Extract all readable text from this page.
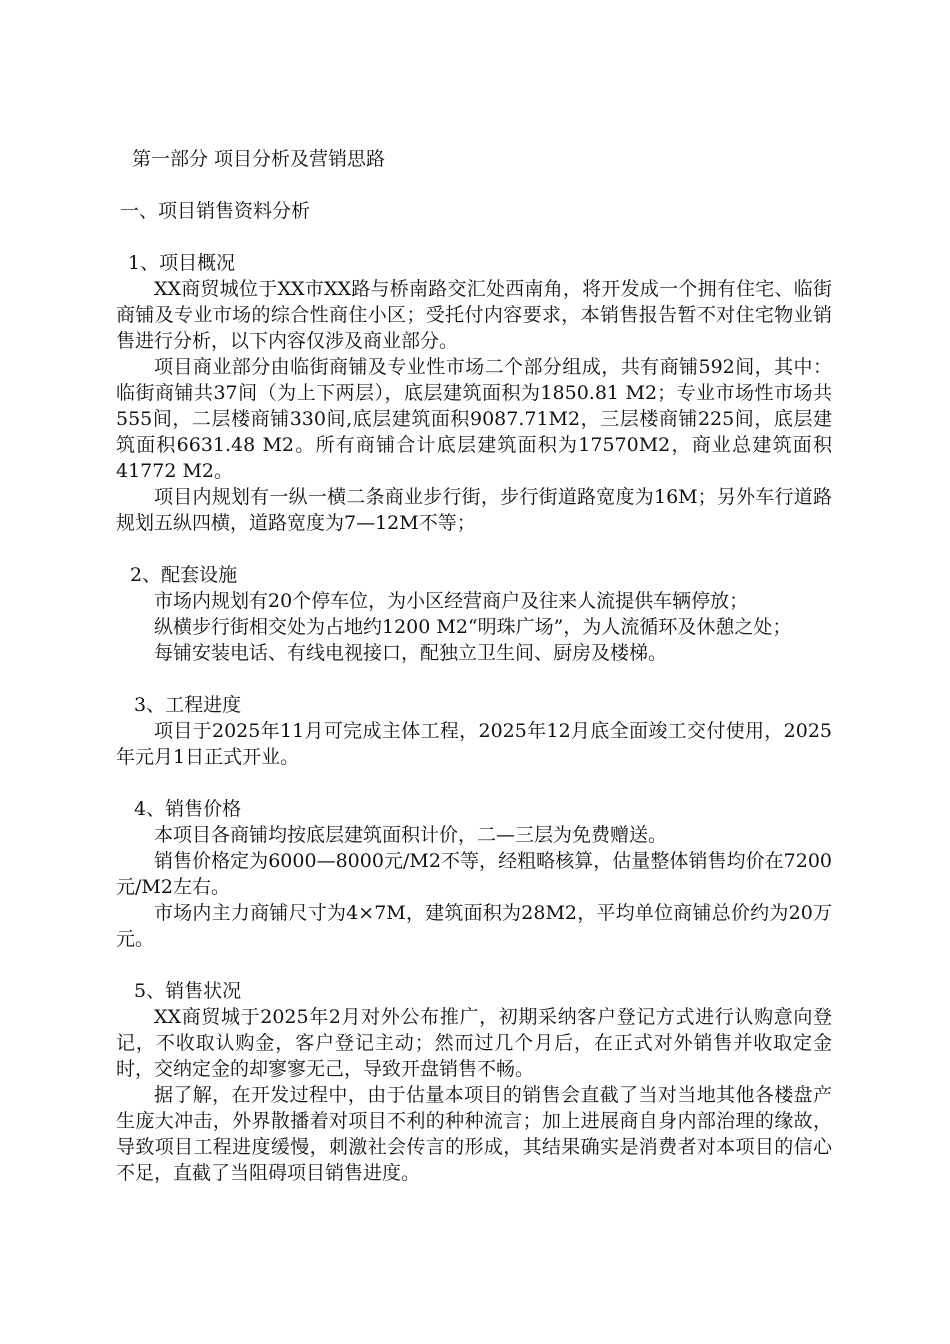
第一部分 项目分析及营销思路
一、项目销售资料分析
1、项目概况

XX商贸城位于XX市XX路与桥南路交汇处西南角，将开发成一个拥有住宅、临街商铺及专业市场的综合性商住小区；受托付内容要求，本销售报告暂不对住宅物业销售进行分析，以下内容仅涉及商业部分。

项目商业部分由临街商铺及专业性市场二个部分组成，共有商铺592间，其中：临街商铺共37间（为上下两层），底层建筑面积为1850.81 M2；专业市场性市场共555间，二层楼商铺330间,底层建筑面积9087.71M2，三层楼商铺225间，底层建筑面积6631.48 M2。所有商铺合计底层建筑面积为17570M2，商业总建筑面积41772 M2。

项目内规划有一纵一横二条商业步行街，步行街道路宽度为16M；另外车行道路规划五纵四横，道路宽度为7—12M不等；

2、配套设施

市场内规划有20个停车位，为小区经营商户及往来人流提供车辆停放；

纵横步行街相交处为占地约1200 M2“明珠广场”，为人流循环及休憩之处；

每铺安装电话、有线电视接口，配独立卫生间、厨房及楼梯。

3、工程进度

项目于2025年11月可完成主体工程，2025年12月底全面竣工交付使用，2025年元月1日正式开业。

4、销售价格

本项目各商铺均按底层建筑面积计价，二—三层为免费赠送。

销售价格定为6000—8000元/M2不等，经粗略核算，估量整体销售均价在7200元/M2左右。

市场内主力商铺尺寸为4×7M，建筑面积为28M2，平均单位商铺总价约为20万元。

5、销售状况

XX商贸城于2025年2月对外公布推广，初期采纳客户登记方式进行认购意向登记，不收取认购金，客户登记主动；然而过几个月后，在正式对外销售并收取定金时，交纳定金的却寥寥无己，导致开盘销售不畅。

据了解，在开发过程中，由于估量本项目的销售会直截了当对当地其他各楼盘产生庞大冲击，外界散播着对项目不利的种种流言；加上进展商自身内部治理的缘故，导致项目工程进度缓慢，刺激社会传言的形成，其结果确实是消费者对本项目的信心不足，直截了当阻碍项目销售进度。
